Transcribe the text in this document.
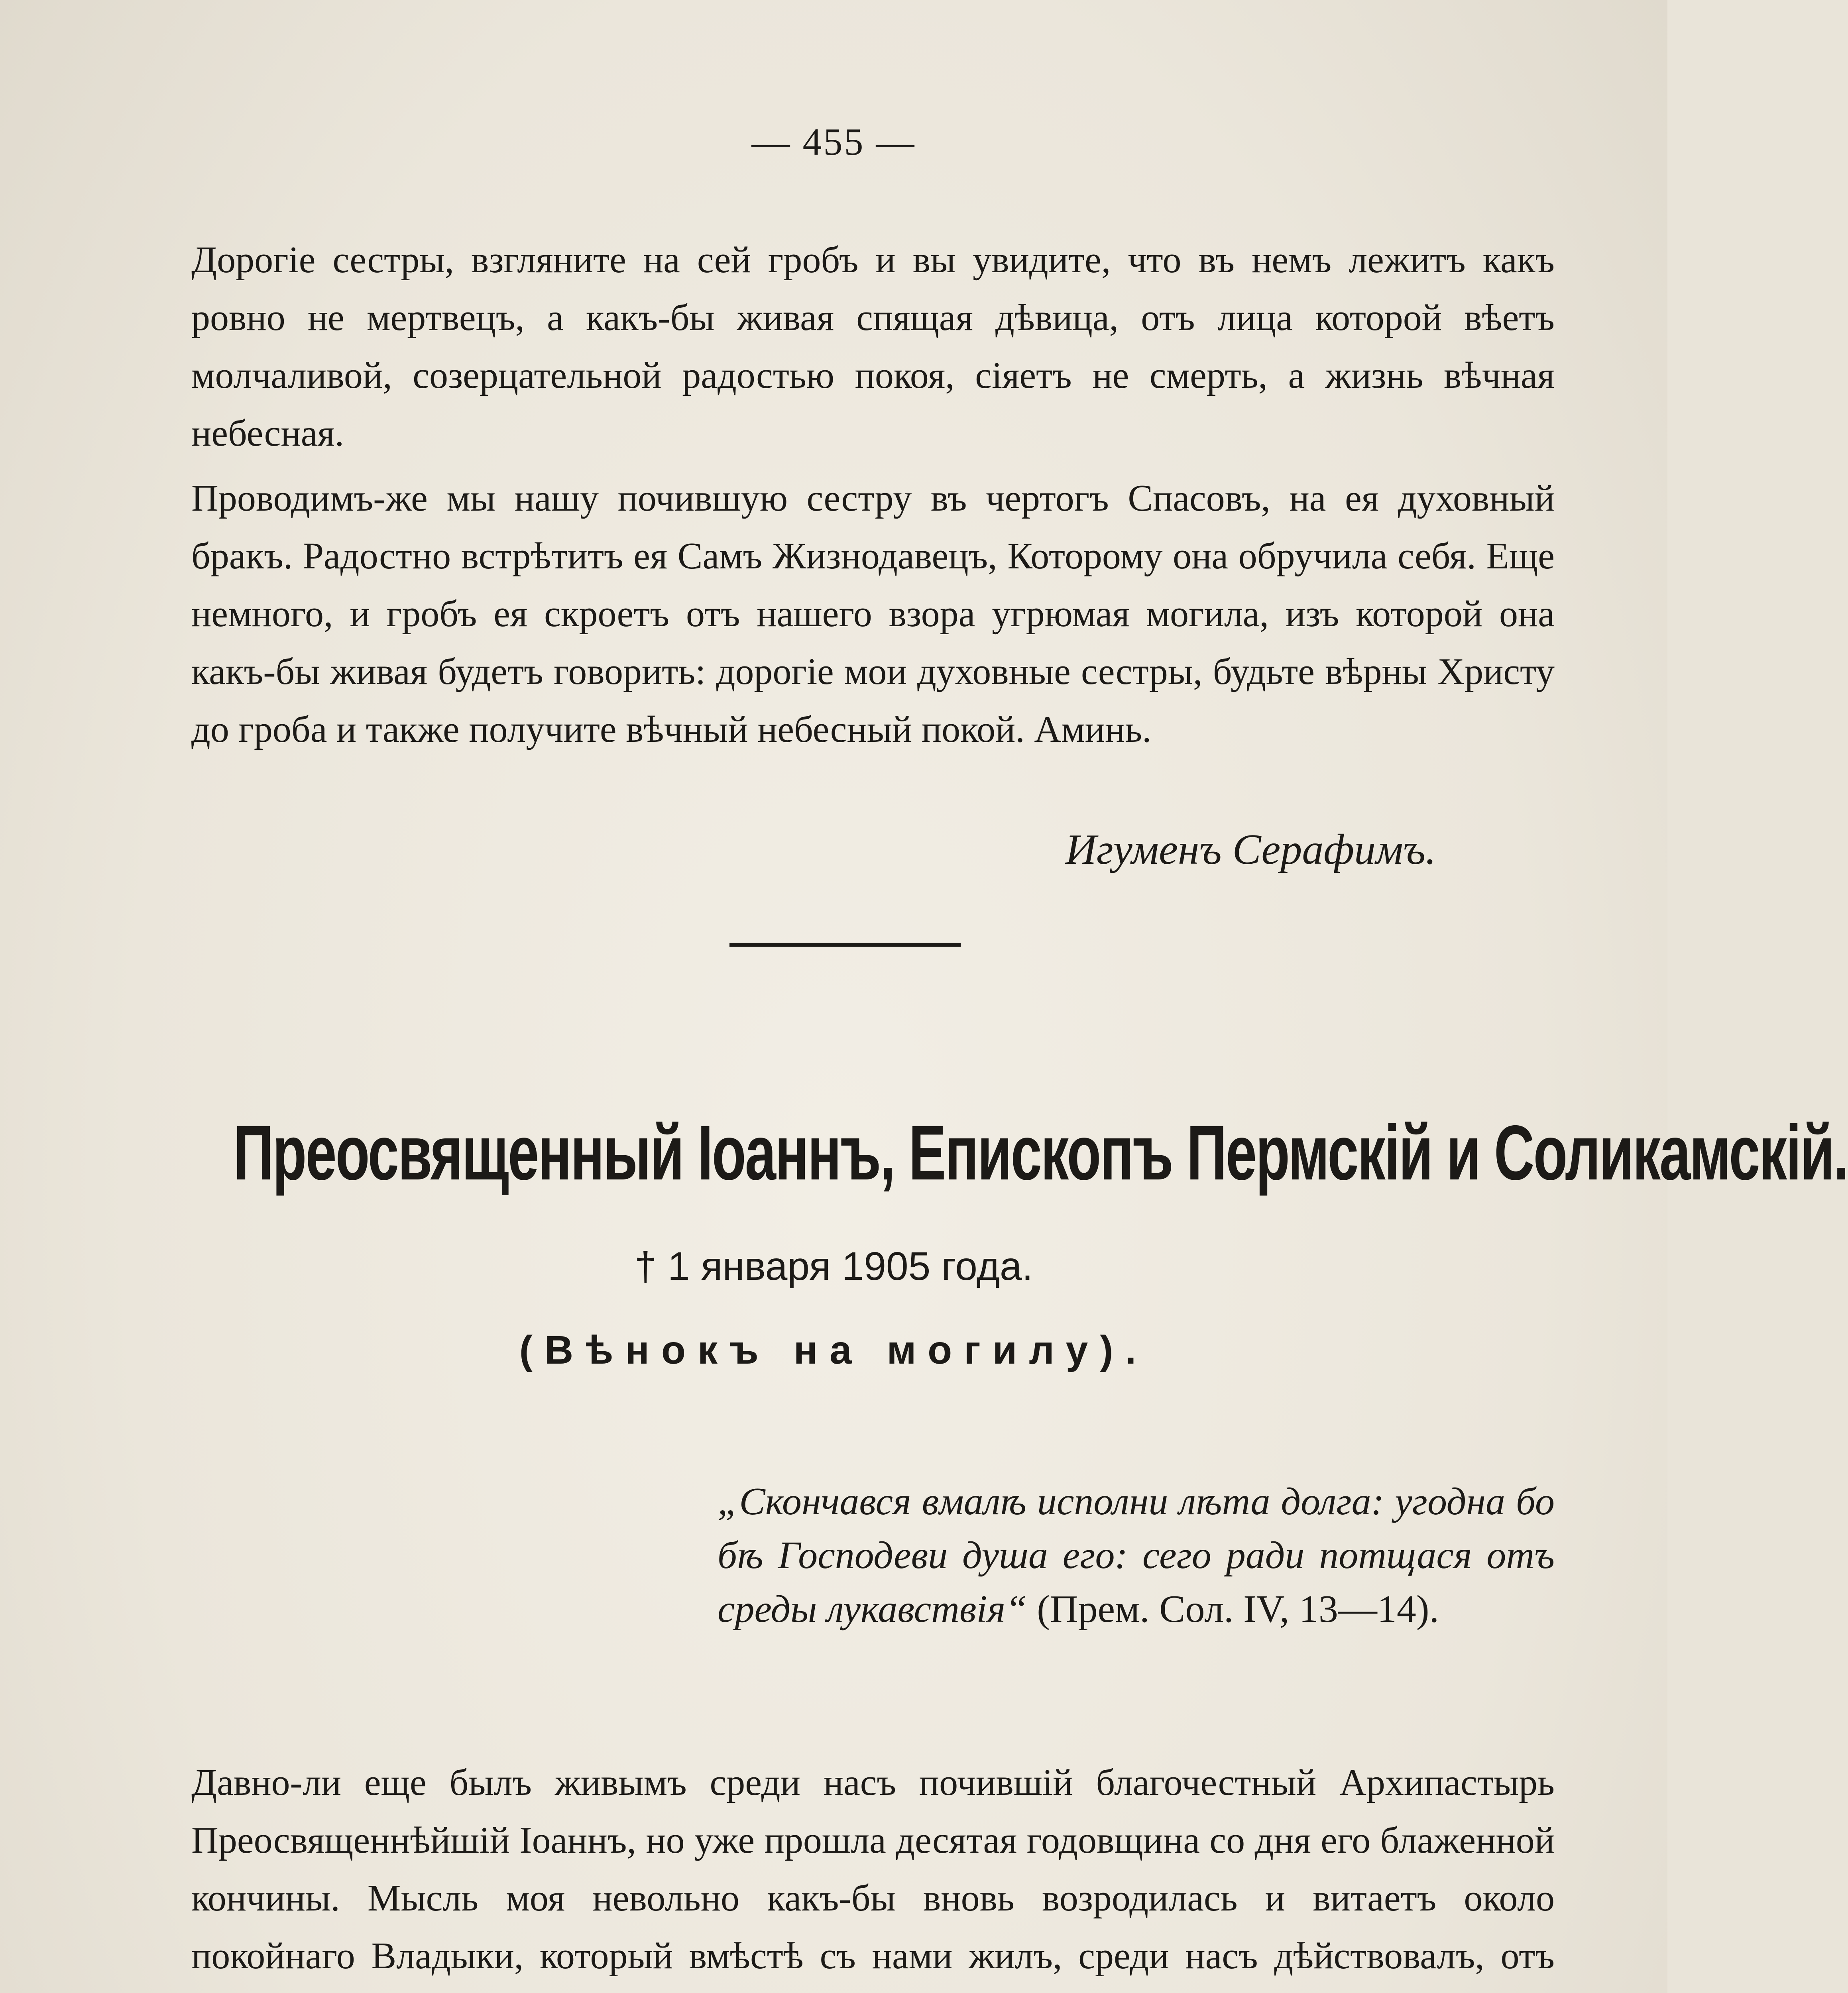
— 455 —

Дорогіе сестры, взгляните на сей гробъ и вы увидите, что въ немъ лежитъ какъ ровно не мертвецъ, а какъ-бы живая спящая дѣвица, отъ лица которой вѣетъ молчаливой, созерцательной радостью покоя, сіяетъ не смерть, а жизнь вѣчная небесная.

Проводимъ-же мы нашу почившую сестру въ чертогъ Спасовъ, на ея духовный бракъ. Радостно встрѣтитъ ея Самъ Жизнодавецъ, Которому она обручила себя. Еще немного, и гробъ ея скроетъ отъ нашего взора угрюмая могила, изъ которой она какъ-бы живая будетъ говорить: дорогіе мои духовные сестры, будьте вѣрны Христу до гроба и также получите вѣчный небесный покой. Аминь.

Игуменъ Серафимъ.
Преосвященный Іоаннъ, Епископъ Пермскій и Соликамскій.
† 1 января 1905 года.
(Вѣнокъ на могилу).
„Скончався вмалѣ исполни лѣта долга: угодна бо бѣ Господеви душа его: сего ради потщася отъ среды лукавствія“ (Прем. Сол. IV, 13—14).

Давно-ли еще былъ живымъ среди насъ почившій благочестный Архипастырь Преосвященнѣйшій Іоаннъ, но уже прошла десятая годовщина со дня его блаженной кончины. Мысль моя невольно какъ-бы вновь возродилась и витаетъ около покойнаго Владыки, который вмѣстѣ съ нами жилъ, среди насъ дѣйствовалъ, отъ
